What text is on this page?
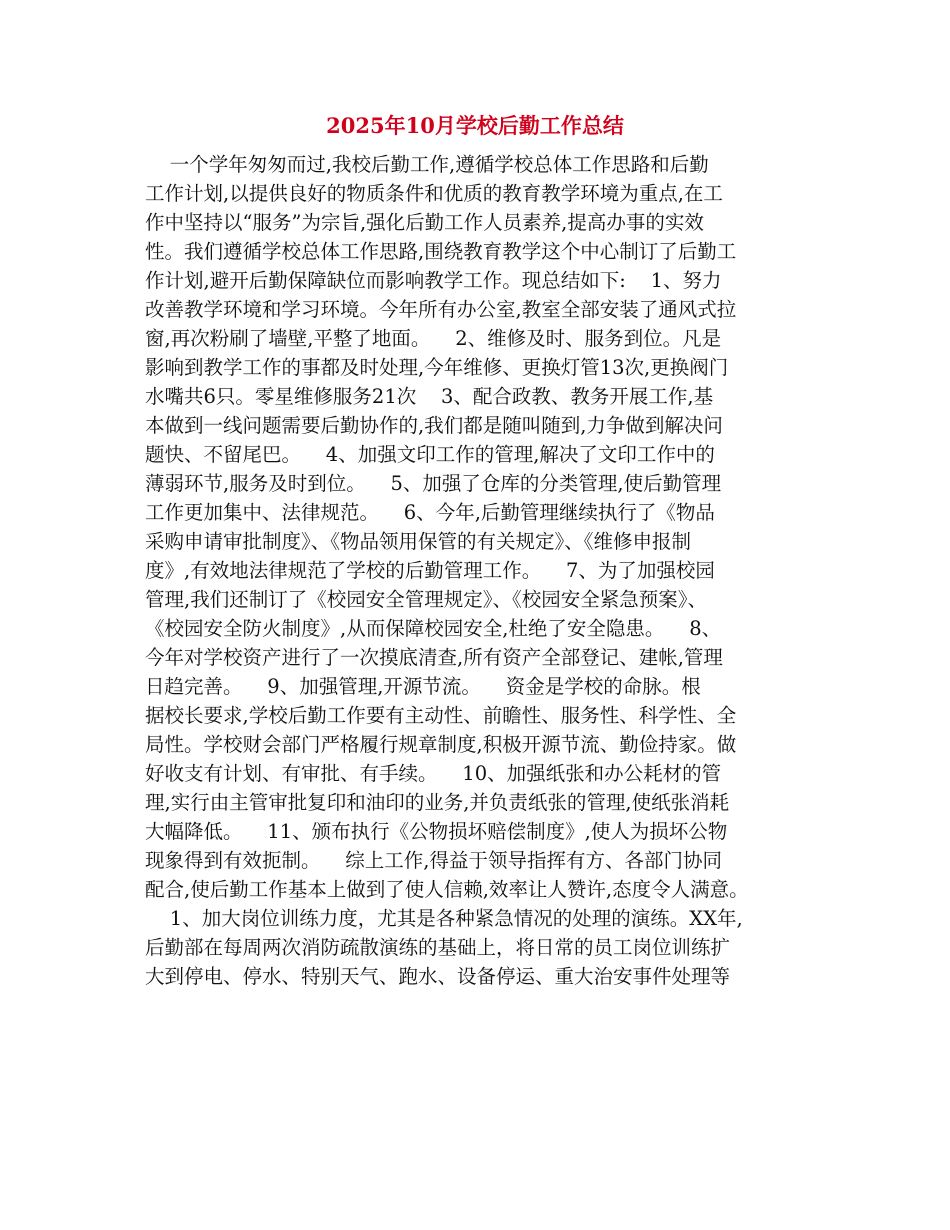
2025年10月学校后勤工作总结

一个学年匆匆而过,我校后勤工作,遵循学校总体工作思路和后勤
工作计划,以提供良好的物质条件和优质的教育教学环境为重点,在工
作中坚持以“服务”为宗旨,强化后勤工作人员素养,提高办事的实效
性。我们遵循学校总体工作思路,围绕教育教学这个中心制订了后勤工
作计划,避开后勤保障缺位而影响教学工作。现总结如下:    1、努力
改善教学环境和学习环境。今年所有办公室,教室全部安装了通风式拉
窗,再次粉刷了墙壁,平整了地面。    2、维修及时、服务到位。凡是
影响到教学工作的事都及时处理,今年维修、更换灯管13次,更换阀门
水嘴共6只。零星维修服务21次    3、配合政教、教务开展工作,基
本做到一线问题需要后勤协作的,我们都是随叫随到,力争做到解决问
题快、不留尾巴。    4、加强文印工作的管理,解决了文印工作中的
薄弱环节,服务及时到位。    5、加强了仓库的分类管理,使后勤管理
工作更加集中、法律规范。    6、今年,后勤管理继续执行了《物品
采购申请审批制度》、《物品领用保管的有关规定》、《维修申报制
度》,有效地法律规范了学校的后勤管理工作。    7、为了加强校园
管理,我们还制订了《校园安全管理规定》、《校园安全紧急预案》、
《校园安全防火制度》,从而保障校园安全,杜绝了安全隐患。    8、
今年对学校资产进行了一次摸底清查,所有资产全部登记、建帐,管理
日趋完善。    9、加强管理,开源节流。    资金是学校的命脉。根
据校长要求,学校后勤工作要有主动性、前瞻性、服务性、科学性、全
局性。学校财会部门严格履行规章制度,积极开源节流、勤俭持家。做
好收支有计划、有审批、有手续。    10、加强纸张和办公耗材的管
理,实行由主管审批复印和油印的业务,并负责纸张的管理,使纸张消耗
大幅降低。    11、颁布执行《公物损坏赔偿制度》,使人为损坏公物
现象得到有效扼制。    综上工作,得益于领导指挥有方、各部门协同
配合,使后勤工作基本上做到了使人信赖,效率让人赞许,态度令人满意。

1、加大岗位训练力度，尤其是各种紧急情况的处理的演练。XX年,
后勤部在每周两次消防疏散演练的基础上，将日常的员工岗位训练扩
大到停电、停水、特别天气、跑水、设备停运、重大治安事件处理等
